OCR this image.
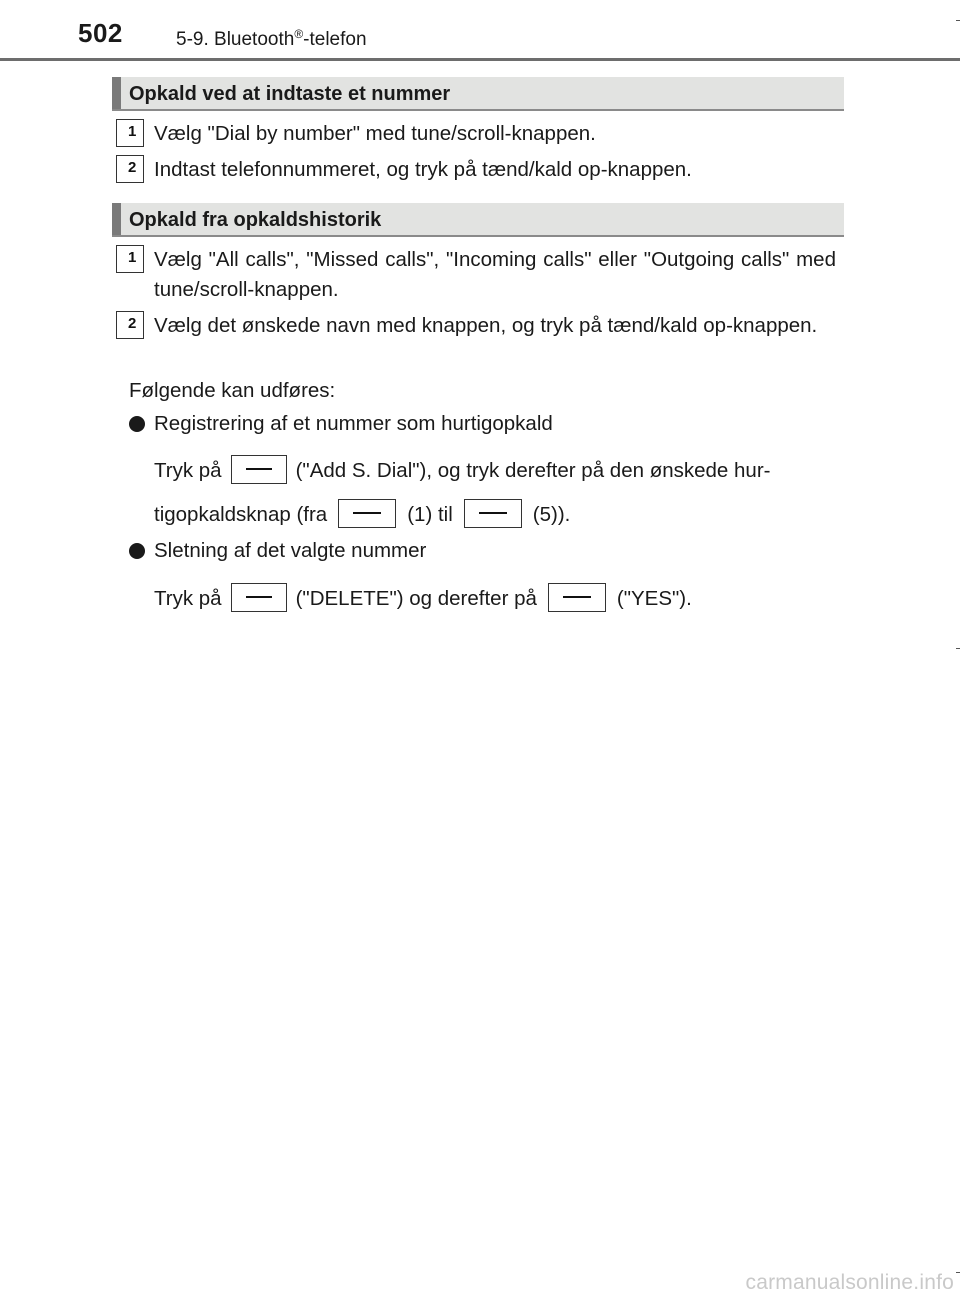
502	5-9. Bluetooth®-telefon
Opkald ved at indtaste et nummer
1 Vælg "Dial by number" med tune/scroll-knappen.
2 Indtast telefonnummeret, og tryk på tænd/kald op-knappen.
Opkald fra opkaldshistorik
1 Vælg "All calls", "Missed calls", "Incoming calls" eller "Outgoing calls" med tune/scroll-knappen.
2 Vælg det ønskede navn med knappen, og tryk på tænd/kald op-knappen.
Følgende kan udføres:
Registrering af et nummer som hurtigopkald
Tryk på	("Add S. Dial"), og tryk derefter på den ønskede hur-
tigopkaldsknap (fra	(1) til	(5)).
Sletning af det valgte nummer
Tryk på	("DELETE") og derefter på	("YES").
carmanualsonline.info
